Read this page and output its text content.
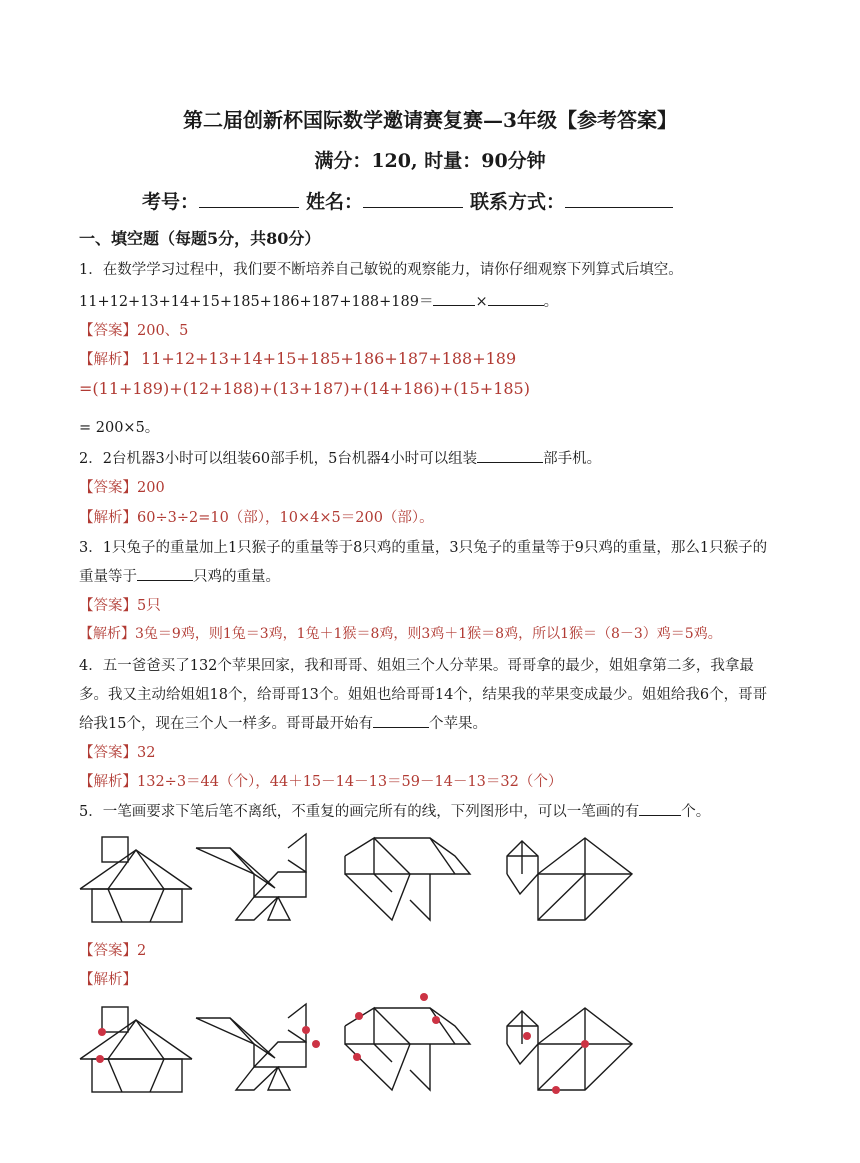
第二届创新杯国际数学邀请赛复赛—3年级【参考答案】
满分：120, 时量：90分钟
考号：	姓名：	联系方式：
一、填空题（每题5分，共80分）
1．在数学学习过程中，我们要不断培养自己敏锐的观察能力，请你仔细观察下列算式后填空。
11+12+13+14+15+185+186+187+188+189＝	×	。
【答案】200、5
【解析】 11+12+13+14+15+185+186+187+188+189
=(11+189)+(12+188)+(13+187)+(14+186)+(15+185)
= 200×5。
2．2台机器3小时可以组装60部手机，5台机器4小时可以组装	部手机。
【答案】200
【解析】60÷3÷2=10（部），10×4×5＝200（部）。
3．1只兔子的重量加上1只猴子的重量等于8只鸡的重量，3只兔子的重量等于9只鸡的重量，那么1只猴子的
重量等于	只鸡的重量。
【答案】5只
【解析】3兔＝9鸡，则1兔＝3鸡，1兔＋1猴＝8鸡，则3鸡＋1猴＝8鸡，所以1猴＝（8－3）鸡＝5鸡。
4．五一爸爸买了132个苹果回家，我和哥哥、姐姐三个人分苹果。哥哥拿的最少，姐姐拿第二多，我拿最
多。我又主动给姐姐18个，给哥哥13个。姐姐也给哥哥14个，结果我的苹果变成最少。姐姐给我6个，哥哥
给我15个，现在三个人一样多。哥哥最开始有	个苹果。
【答案】32
【解析】132÷3＝44（个），44＋15－14－13＝59－14－13＝32（个）
5．一笔画要求下笔后笔不离纸，不重复的画完所有的线，下列图形中，可以一笔画的有	个。
【答案】2
【解析】
